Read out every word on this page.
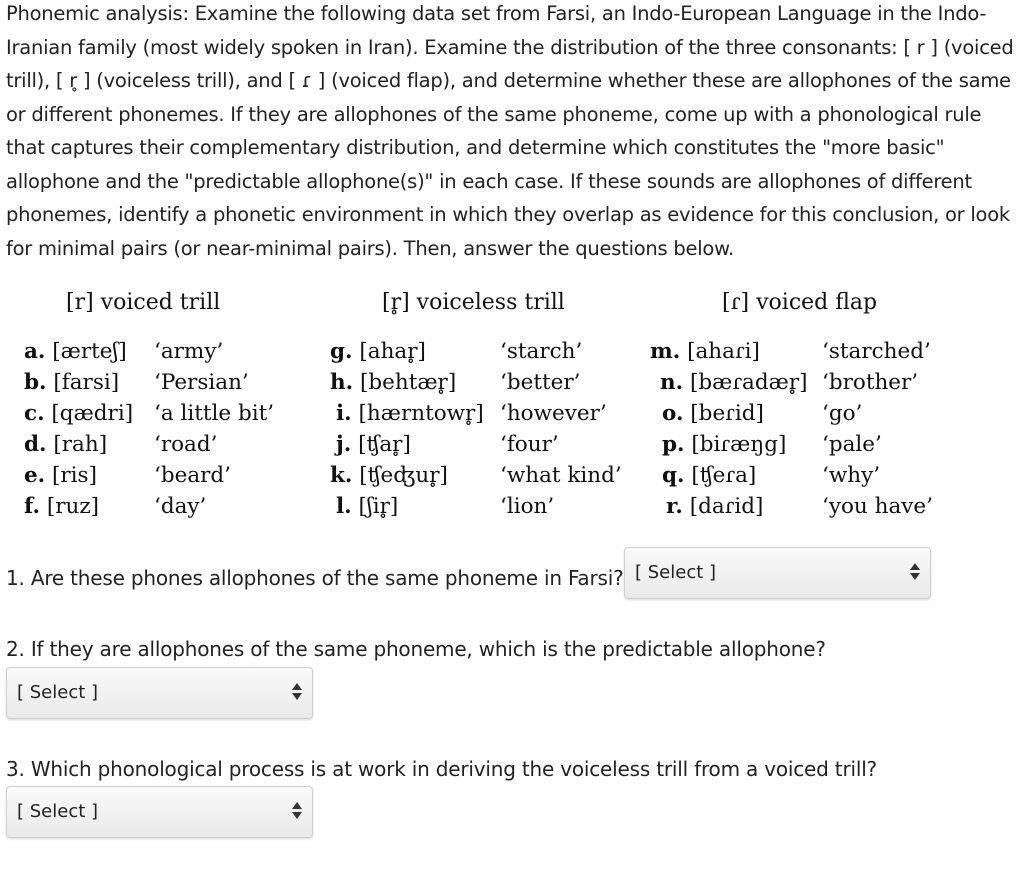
Phonemic analysis: Examine the following data set from Farsi, an Indo-European Language in the Indo-Iranian family (most widely spoken in Iran). Examine the distribution of the three consonants: [ r ] (voiced trill), [ r̥ ] (voiceless trill), and [ ɾ ] (voiced flap), and determine whether these are allophones of the same or different phonemes. If they are allophones of the same phoneme, come up with a phonological rule that captures their complementary distribution, and determine which constitutes the "more basic" allophone and the "predictable allophone(s)" in each case. If these sounds are allophones of different phonemes, identify a phonetic environment in which they overlap as evidence for this conclusion, or look for minimal pairs (or near-minimal pairs). Then, answer the questions below.

[r] voiced trill
a. [ærteʃ] ‘army’
b. [farsi] ‘Persian’
c. [qædri] ‘a little bit’
d. [rah] ‘road’
e. [ris]	‘beard’
f. [ruz]	‘day’
[r̥] voiceless trill
g. [ahar̥]	‘starch’
h. [behtær̥] ‘better’
i. [hærntowr̥] ‘however’
j. [ʧar̥]	‘four’
k. [ʧeʤur̥] ‘what kind’
l. [ʃir̥]	‘lion’
[ɾ] voiced flap
m. [ahaɾi]	‘starched’
n. [bæɾadær̥] ‘brother’
o. [beɾid]	‘go’
p. [biɾæŋg] ‘pale’
q. [ʧeɾa]	‘why’
r. [daɾid]	‘you have’
1. Are these phones allophones of the same phoneme in Farsi? [ Select ]
2. If they are allophones of the same phoneme, which is the predictable allophone?
[ Select ]
3. Which phonological process is at work in deriving the voiceless trill from a voiced trill?
[ Select ]
